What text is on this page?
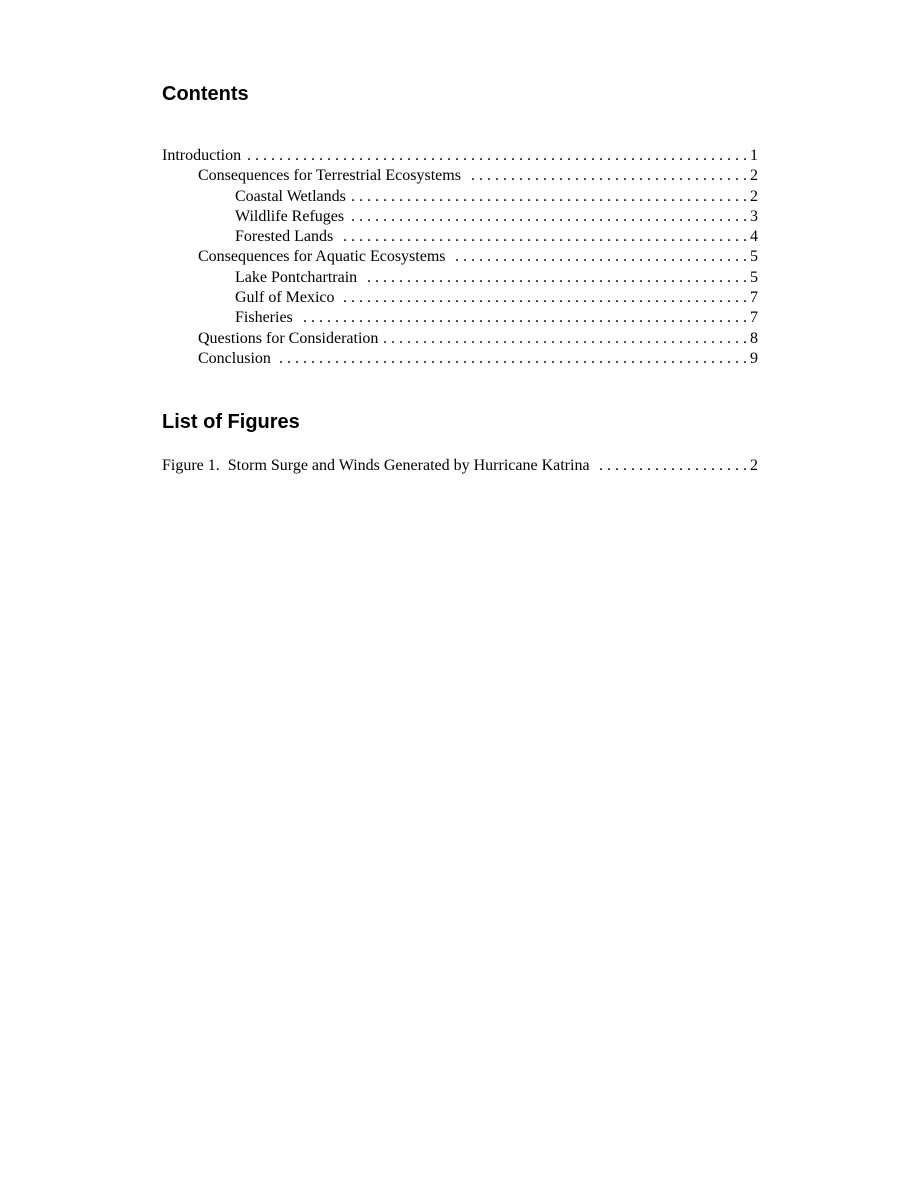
Contents
Introduction . . .	1
Consequences for Terrestrial Ecosystems . . .	2
Coastal Wetlands . . .	2
Wildlife Refuges . . .	3
Forested Lands . . .	4
Consequences for Aquatic Ecosystems . . .	5
Lake Pontchartrain . . .	5
Gulf of Mexico . . .	7
Fisheries . . .	7
Questions for Consideration . . .	8
Conclusion . . .	9
List of Figures
Figure 1.  Storm Surge and Winds Generated by Hurricane Katrina . . .	2
